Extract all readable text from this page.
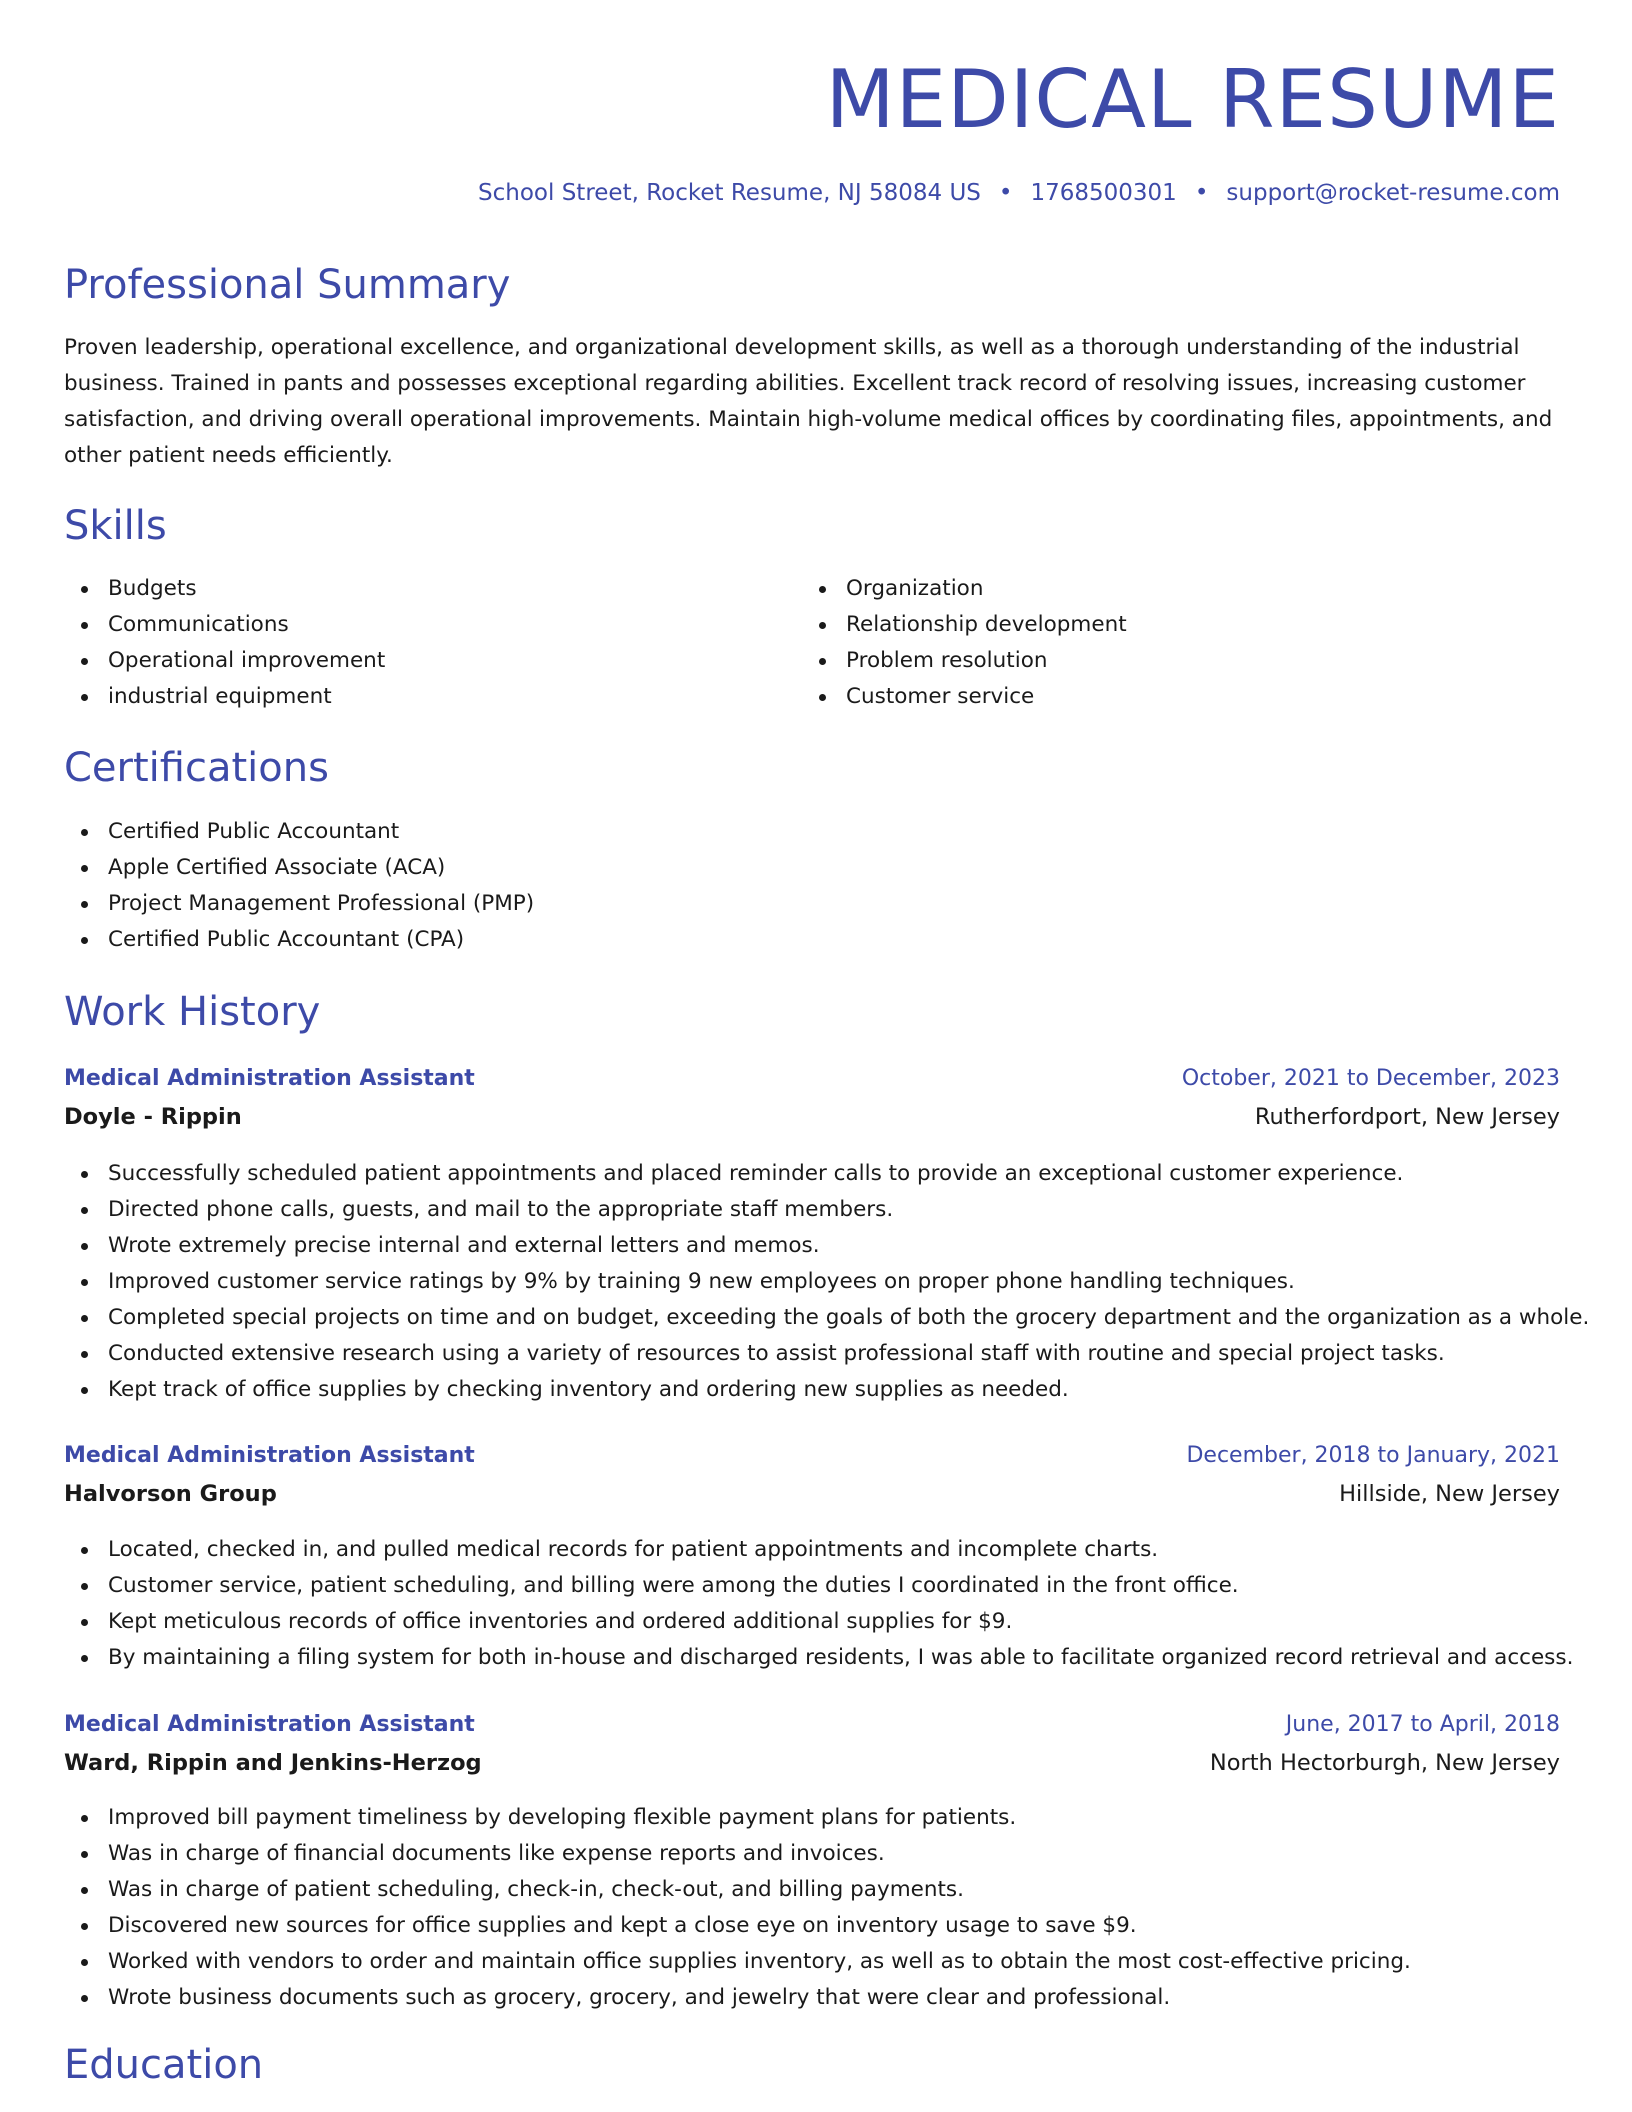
MEDICAL RESUME
School Street, Rocket Resume, NJ 58084 US • 1768500301 • support@rocket-resume.com
Professional Summary

Proven leadership, operational excellence, and organizational development skills, as well as a thorough understanding of the industrial business. Trained in pants and possesses exceptional regarding abilities. Excellent track record of resolving issues, increasing customer satisfaction, and driving overall operational improvements. Maintain high-volume medical offices by coordinating files, appointments, and other patient needs efficiently.

Skills
Budgets
Communications
Operational improvement
industrial equipment
Organization
Relationship development
Problem resolution
Customer service
Certifications
Certified Public Accountant
Apple Certified Associate (ACA)
Project Management Professional (PMP)
Certified Public Accountant (CPA)
Work History
Medical Administration Assistant	October, 2021 to December, 2023
Doyle - Rippin	Rutherfordport, New Jersey
Successfully scheduled patient appointments and placed reminder calls to provide an exceptional customer experience.
Directed phone calls, guests, and mail to the appropriate staff members.
Wrote extremely precise internal and external letters and memos.
Improved customer service ratings by 9% by training 9 new employees on proper phone handling techniques.
Completed special projects on time and on budget, exceeding the goals of both the grocery department and the organization as a whole.
Conducted extensive research using a variety of resources to assist professional staff with routine and special project tasks.
Kept track of office supplies by checking inventory and ordering new supplies as needed.
Medical Administration Assistant	December, 2018 to January, 2021
Halvorson Group	Hillside, New Jersey
Located, checked in, and pulled medical records for patient appointments and incomplete charts.
Customer service, patient scheduling, and billing were among the duties I coordinated in the front office.
Kept meticulous records of office inventories and ordered additional supplies for $9.
By maintaining a filing system for both in-house and discharged residents, I was able to facilitate organized record retrieval and access.
Medical Administration Assistant	June, 2017 to April, 2018
Ward, Rippin and Jenkins-Herzog	North Hectorburgh, New Jersey
Improved bill payment timeliness by developing flexible payment plans for patients.
Was in charge of financial documents like expense reports and invoices.
Was in charge of patient scheduling, check-in, check-out, and billing payments.
Discovered new sources for office supplies and kept a close eye on inventory usage to save $9.
Worked with vendors to order and maintain office supplies inventory, as well as to obtain the most cost-effective pricing.
Wrote business documents such as grocery, grocery, and jewelry that were clear and professional.
Education
